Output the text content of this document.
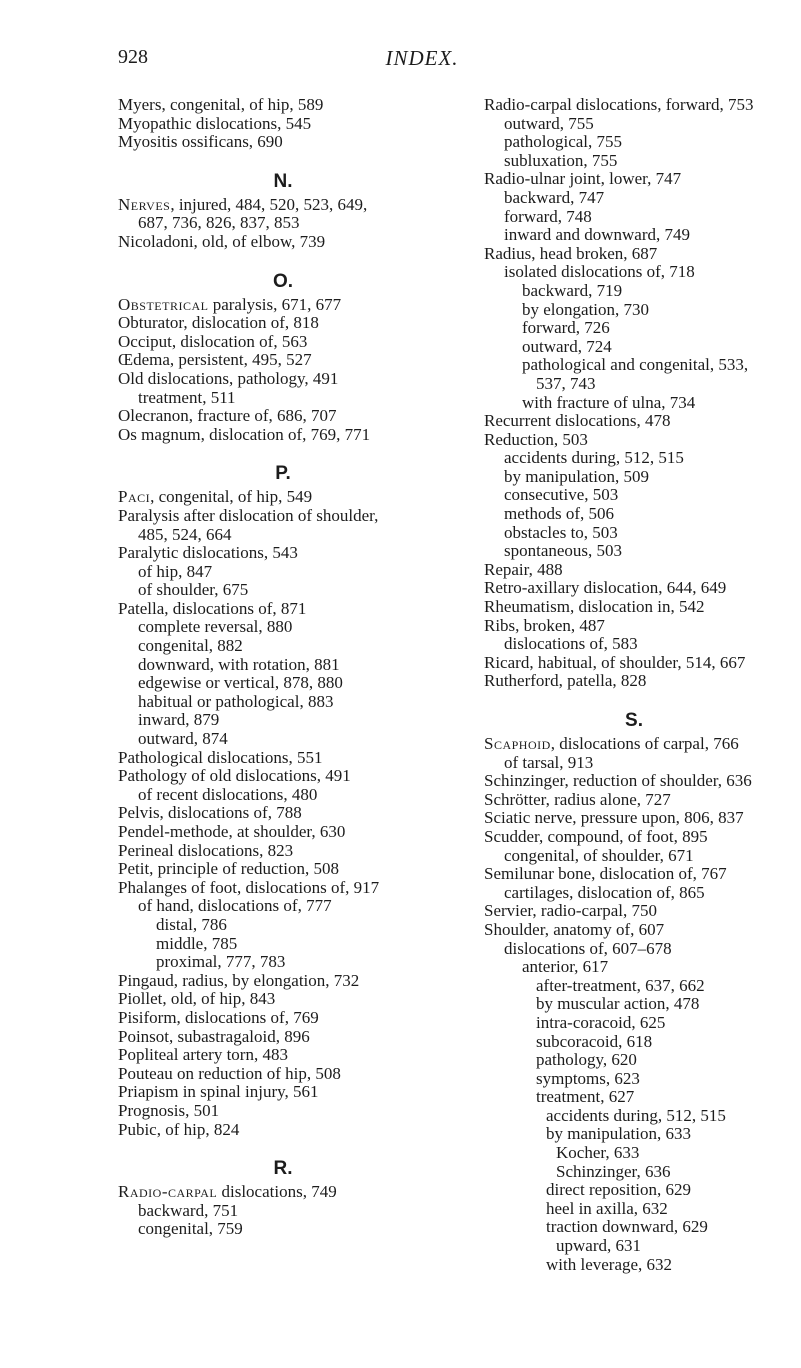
928	INDEX.
Myers, congenital, of hip, 589
Myopathic dislocations, 545
Myositis ossificans, 690
N.
Nerves, injured, 484, 520, 523, 649,
687, 736, 826, 837, 853
Nicoladoni, old, of elbow, 739
O.
Obstetrical paralysis, 671, 677
Obturator, dislocation of, 818
Occiput, dislocation of, 563
Œdema, persistent, 495, 527
Old dislocations, pathology, 491
treatment, 511
Olecranon, fracture of, 686, 707
Os magnum, dislocation of, 769, 771
P.
Paci, congenital, of hip, 549
Paralysis after dislocation of shoulder,
485, 524, 664
Paralytic dislocations, 543
of hip, 847
of shoulder, 675
Patella, dislocations of, 871
complete reversal, 880
congenital, 882
downward, with rotation, 881
edgewise or vertical, 878, 880
habitual or pathological, 883
inward, 879
outward, 874
Pathological dislocations, 551
Pathology of old dislocations, 491
of recent dislocations, 480
Pelvis, dislocations of, 788
Pendel-methode, at shoulder, 630
Perineal dislocations, 823
Petit, principle of reduction, 508
Phalanges of foot, dislocations of, 917
of hand, dislocations of, 777
distal, 786
middle, 785
proximal, 777, 783
Pingaud, radius, by elongation, 732
Piollet, old, of hip, 843
Pisiform, dislocations of, 769
Poinsot, subastragaloid, 896
Popliteal artery torn, 483
Pouteau on reduction of hip, 508
Priapism in spinal injury, 561
Prognosis, 501
Pubic, of hip, 824
R.
Radio-carpal dislocations, 749
backward, 751
congenital, 759
Radio-carpal dislocations, forward, 753
outward, 755
pathological, 755
subluxation, 755
Radio-ulnar joint, lower, 747
backward, 747
forward, 748
inward and downward, 749
Radius, head broken, 687
isolated dislocations of, 718
backward, 719
by elongation, 730
forward, 726
outward, 724
pathological and congenital, 533,
537, 743
with fracture of ulna, 734
Recurrent dislocations, 478
Reduction, 503
accidents during, 512, 515
by manipulation, 509
consecutive, 503
methods of, 506
obstacles to, 503
spontaneous, 503
Repair, 488
Retro-axillary dislocation, 644, 649
Rheumatism, dislocation in, 542
Ribs, broken, 487
dislocations of, 583
Ricard, habitual, of shoulder, 514, 667
Rutherford, patella, 828
S.
Scaphoid, dislocations of carpal, 766
of tarsal, 913
Schinzinger, reduction of shoulder, 636
Schrötter, radius alone, 727
Sciatic nerve, pressure upon, 806, 837
Scudder, compound, of foot, 895
congenital, of shoulder, 671
Semilunar bone, dislocation of, 767
cartilages, dislocation of, 865
Servier, radio-carpal, 750
Shoulder, anatomy of, 607
dislocations of, 607–678
anterior, 617
after-treatment, 637, 662
by muscular action, 478
intra-coracoid, 625
subcoracoid, 618
pathology, 620
symptoms, 623
treatment, 627
accidents during, 512, 515
by manipulation, 633
Kocher, 633
Schinzinger, 636
direct reposition, 629
heel in axilla, 632
traction downward, 629
upward, 631
with leverage, 632
